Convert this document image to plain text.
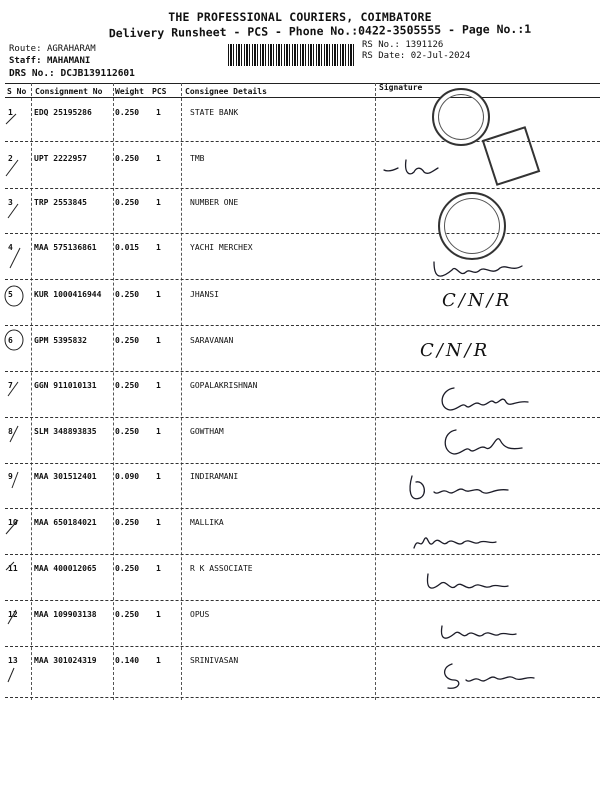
THE PROFESSIONAL COURIERS, COIMBATORE
Delivery Runsheet - PCS - Phone No.:0422-3505555 - Page No.:1
Route: AGRAHARAM
Staff: MAHAMANI
DRS No.: DCJB139112601
RS No.: 1391126
RS Date: 02-Jul-2024
S No Consignment No Weight PCS Consignee Details	Signature
1	EDQ 25195286	0.250 1	STATE BANK
2	UPT 2222957	0.250 1	TMB
3	TRP 2553845	0.250 1	NUMBER ONE
4	MAA 575136861 0.015 1	YACHI MERCHEX
5	KUR 1000416944 0.250 1	JHANSI
6	GPM 5395832	0.250 1	SARAVANAN
7	GGN 911010131 0.250 1	GOPALAKRISHNAN
8	SLM 348893835 0.250 1	GOWTHAM
9	MAA 301512401 0.090 1	INDIRAMANI
10 MAA 650184021 0.250 1	MALLIKA
11 MAA 400012065 0.250 1	R K ASSOCIATE
12 MAA 109903138 0.250 1	OPUS
13 MAA 301024319 0.140 1	SRINIVASAN
C/N/R
C/N/R
